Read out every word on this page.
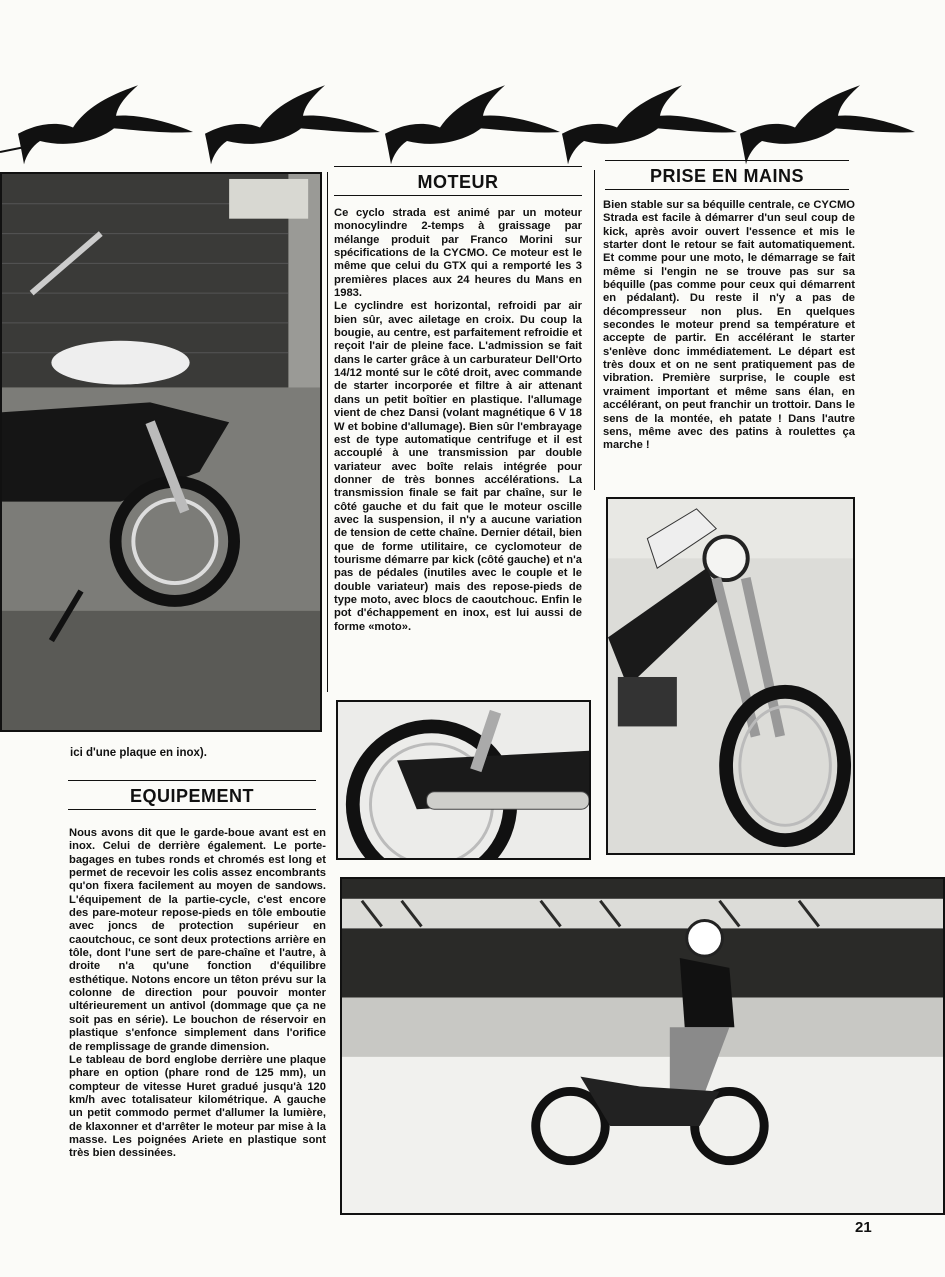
MOTEUR

Ce cyclo strada est animé par un moteur monocylindre 2-temps à graissage par mélange produit par Franco Morini sur spécifications de la CYCMO. Ce moteur est le même que celui du GTX qui a remporté les 3 premières places aux 24 heures du Mans en 1983.

Le cyclindre est horizontal, refroidi par air bien sûr, avec ailetage en croix. Du coup la bougie, au centre, est parfaitement refroidie et reçoit l'air de pleine face. L'admission se fait dans le carter grâce à un carburateur Dell'Orto 14/12 monté sur le côté droit, avec commande de starter incorporée et filtre à air attenant dans un petit boîtier en plastique. l'allumage vient de chez Dansi (volant magnétique 6 V 18 W et bobine d'allumage). Bien sûr l'embrayage est de type automatique centrifuge et il est accouplé à une transmission par double variateur avec boîte relais intégrée pour donner de très bonnes accélérations. La transmission finale se fait par chaîne, sur le côté gauche et du fait que le moteur oscille avec la suspension, il n'y a aucune variation de tension de cette chaîne. Dernier détail, bien que de forme utilitaire, ce cyclomoteur de tourisme démarre par kick (côté gauche) et n'a pas de pédales (inutiles avec le couple et le double variateur) mais des repose-pieds de type moto, avec blocs de caoutchouc. Enfin le pot d'échappement en inox, est lui aussi de forme «moto».

PRISE EN MAINS

Bien stable sur sa béquille centrale, ce CYCMO Strada est facile à démarrer d'un seul coup de kick, après avoir ouvert l'essence et mis le starter dont le retour se fait automatiquement. Et comme pour une moto, le démarrage se fait même si l'engin ne se trouve pas sur sa béquille (pas comme pour ceux qui démarrent en pédalant). Du reste il n'y a pas de décompresseur non plus. En quelques secondes le moteur prend sa température et accepte de partir. En accélérant le starter s'enlève donc immédiatement. Le départ est très doux et on ne sent pratiquement pas de vibration. Première surprise, le couple est vraiment important et même sans élan, en accélérant, on peut franchir un trottoir. Dans le sens de la montée, eh patate ! Dans l'autre sens, même avec des patins à roulettes ça marche !

ici d'une plaque en inox).
EQUIPEMENT

Nous avons dit que le garde-boue avant est en inox. Celui de derrière également. Le porte-bagages en tubes ronds et chromés est long et permet de recevoir les colis assez encombrants qu'on fixera facilement au moyen de sandows. L'équipement de la partie-cycle, c'est encore des pare-moteur repose-pieds en tôle emboutie avec joncs de protection supérieur en caoutchouc, ce sont deux protections arrière en tôle, dont l'une sert de pare-chaîne et l'autre, à droite n'a qu'une fonction d'équilibre esthétique. Notons encore un têton prévu sur la colonne de direction pour pouvoir monter ultérieurement un antivol (dommage que ça ne soit pas en série). Le bouchon de réservoir en plastique s'enfonce simplement dans l'orifice de remplissage de grande dimension.

Le tableau de bord englobe derrière une plaque phare en option (phare rond de 125 mm), un compteur de vitesse Huret gradué jusqu'à 120 km/h avec totalisateur kilométrique. A gauche un petit commodo permet d'allumer la lumière, de klaxonner et d'arrêter le moteur par mise à la masse. Les poignées Ariete en plastique sont très bien dessinées.

21
